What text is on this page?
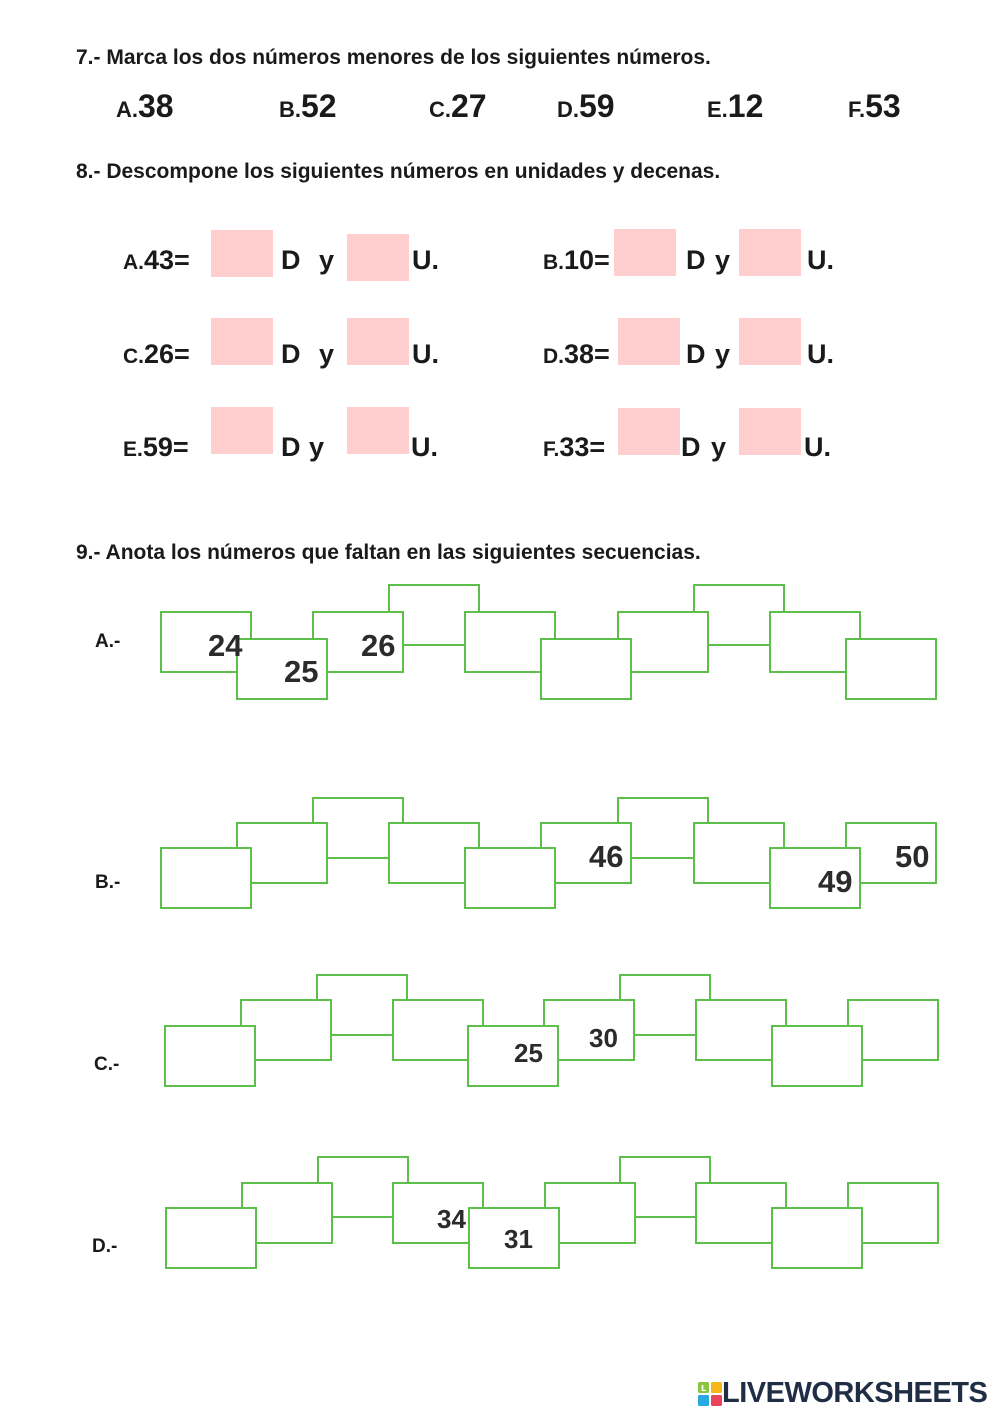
7.- Marca los dos números menores de los siguientes números.
A.38	B.52	C.27	D.59	E.12	F.53
8.- Descompone los siguientes números en unidades y decenas.
A.43=	D y	U.	B.10=	D y	U.
C.26=	D y	U.	D.38=	D y	U.
E.59=	D y	U.	F.33=	D y	U.
9.- Anota los números que faltan en las siguientes secuencias.
A.-	24
25
26
B.-
46
49
50
C.-	25 30
D.-
34
31
L LIVEWORKSHEETS
